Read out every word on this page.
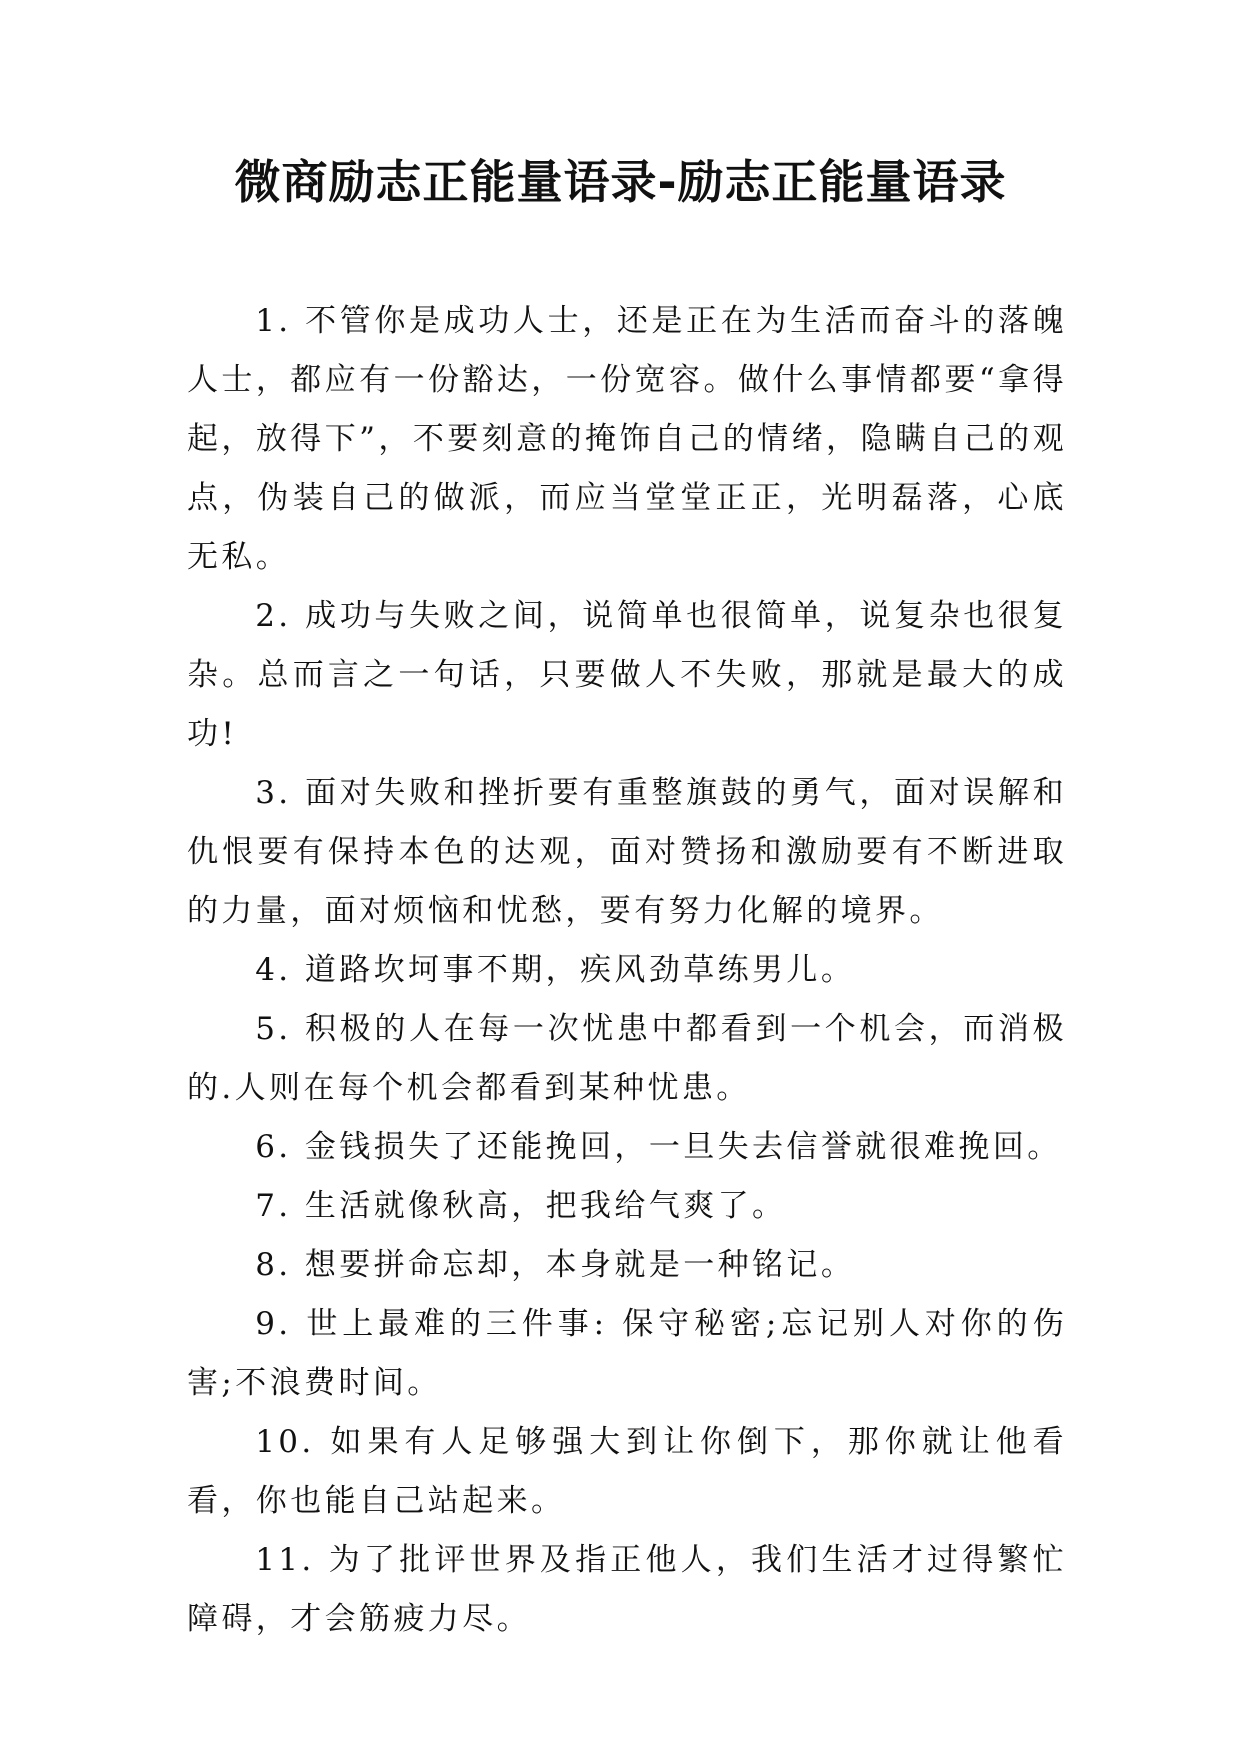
微商励志正能量语录-励志正能量语录

1. 不管你是成功人士，还是正在为生活而奋斗的落魄人士，都应有一份豁达，一份宽容。做什么事情都要“拿得起，放得下”，不要刻意的掩饰自己的情绪，隐瞒自己的观点，伪装自己的做派，而应当堂堂正正，光明磊落，心底无私。

2. 成功与失败之间，说简单也很简单，说复杂也很复杂。总而言之一句话，只要做人不失败，那就是最大的成功!

3. 面对失败和挫折要有重整旗鼓的勇气，面对误解和仇恨要有保持本色的达观，面对赞扬和激励要有不断进取的力量，面对烦恼和忧愁，要有努力化解的境界。

4. 道路坎坷事不期，疾风劲草练男儿。

5. 积极的人在每一次忧患中都看到一个机会，而消极的.人则在每个机会都看到某种忧患。

6. 金钱损失了还能挽回，一旦失去信誉就很难挽回。

7. 生活就像秋高，把我给气爽了。

8. 想要拼命忘却，本身就是一种铭记。

9. 世上最难的三件事: 保守秘密;忘记别人对你的伤害;不浪费时间。

10. 如果有人足够强大到让你倒下，那你就让他看看，你也能自己站起来。

11. 为了批评世界及指正他人，我们生活才过得繁忙障碍，才会筋疲力尽。
